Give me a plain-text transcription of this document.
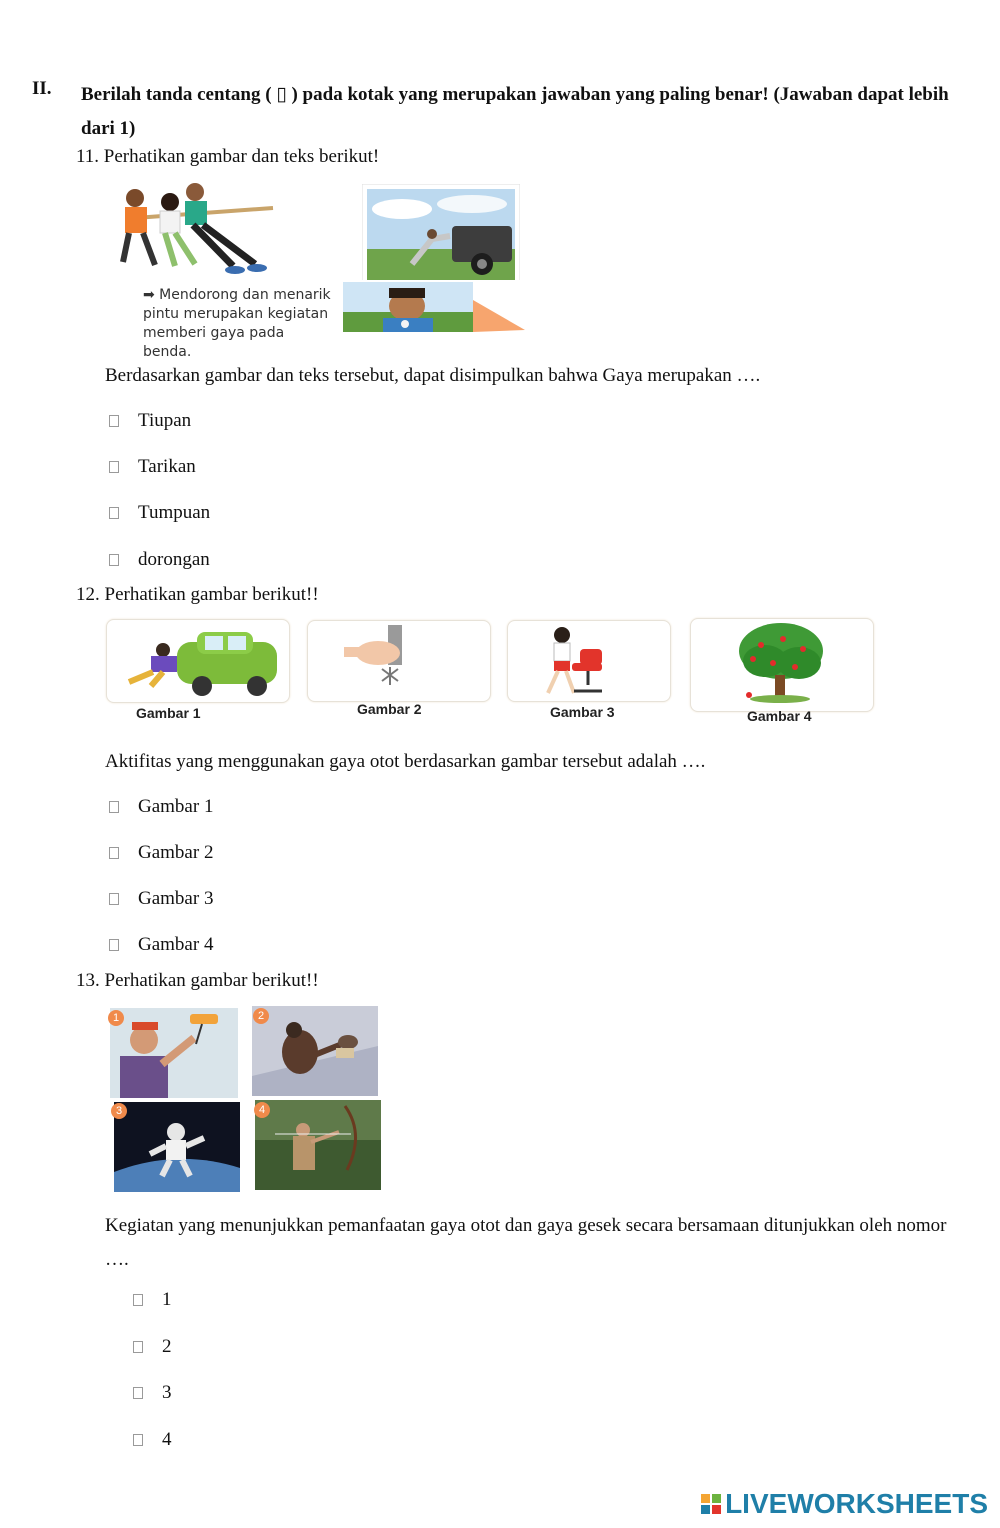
II. Berilah tanda centang ( ▯ ) pada kotak yang merupakan jawaban yang paling benar! (Jawaban dapat lebih dari 1)
11. Perhatikan gambar dan teks berikut!
➡ Mendorong dan menarik pintu merupakan kegiatan memberi gaya pada benda.
Berdasarkan gambar dan teks tersebut, dapat disimpulkan bahwa Gaya merupakan ….
Tiupan
Tarikan
Tumpuan
dorongan
12. Perhatikan gambar berikut!!
Gambar 1	Gambar 2	Gambar 3	Gambar 4
Aktifitas yang menggunakan gaya otot berdasarkan gambar tersebut adalah ….
Gambar 1
Gambar 2
Gambar 3
Gambar 4
13. Perhatikan gambar berikut!!
1	2
3	4
Kegiatan yang menunjukkan pemanfaatan gaya otot dan gaya gesek secara bersamaan ditunjukkan oleh nomor ….
1
2
3
4
LIVEWORKSHEETS
